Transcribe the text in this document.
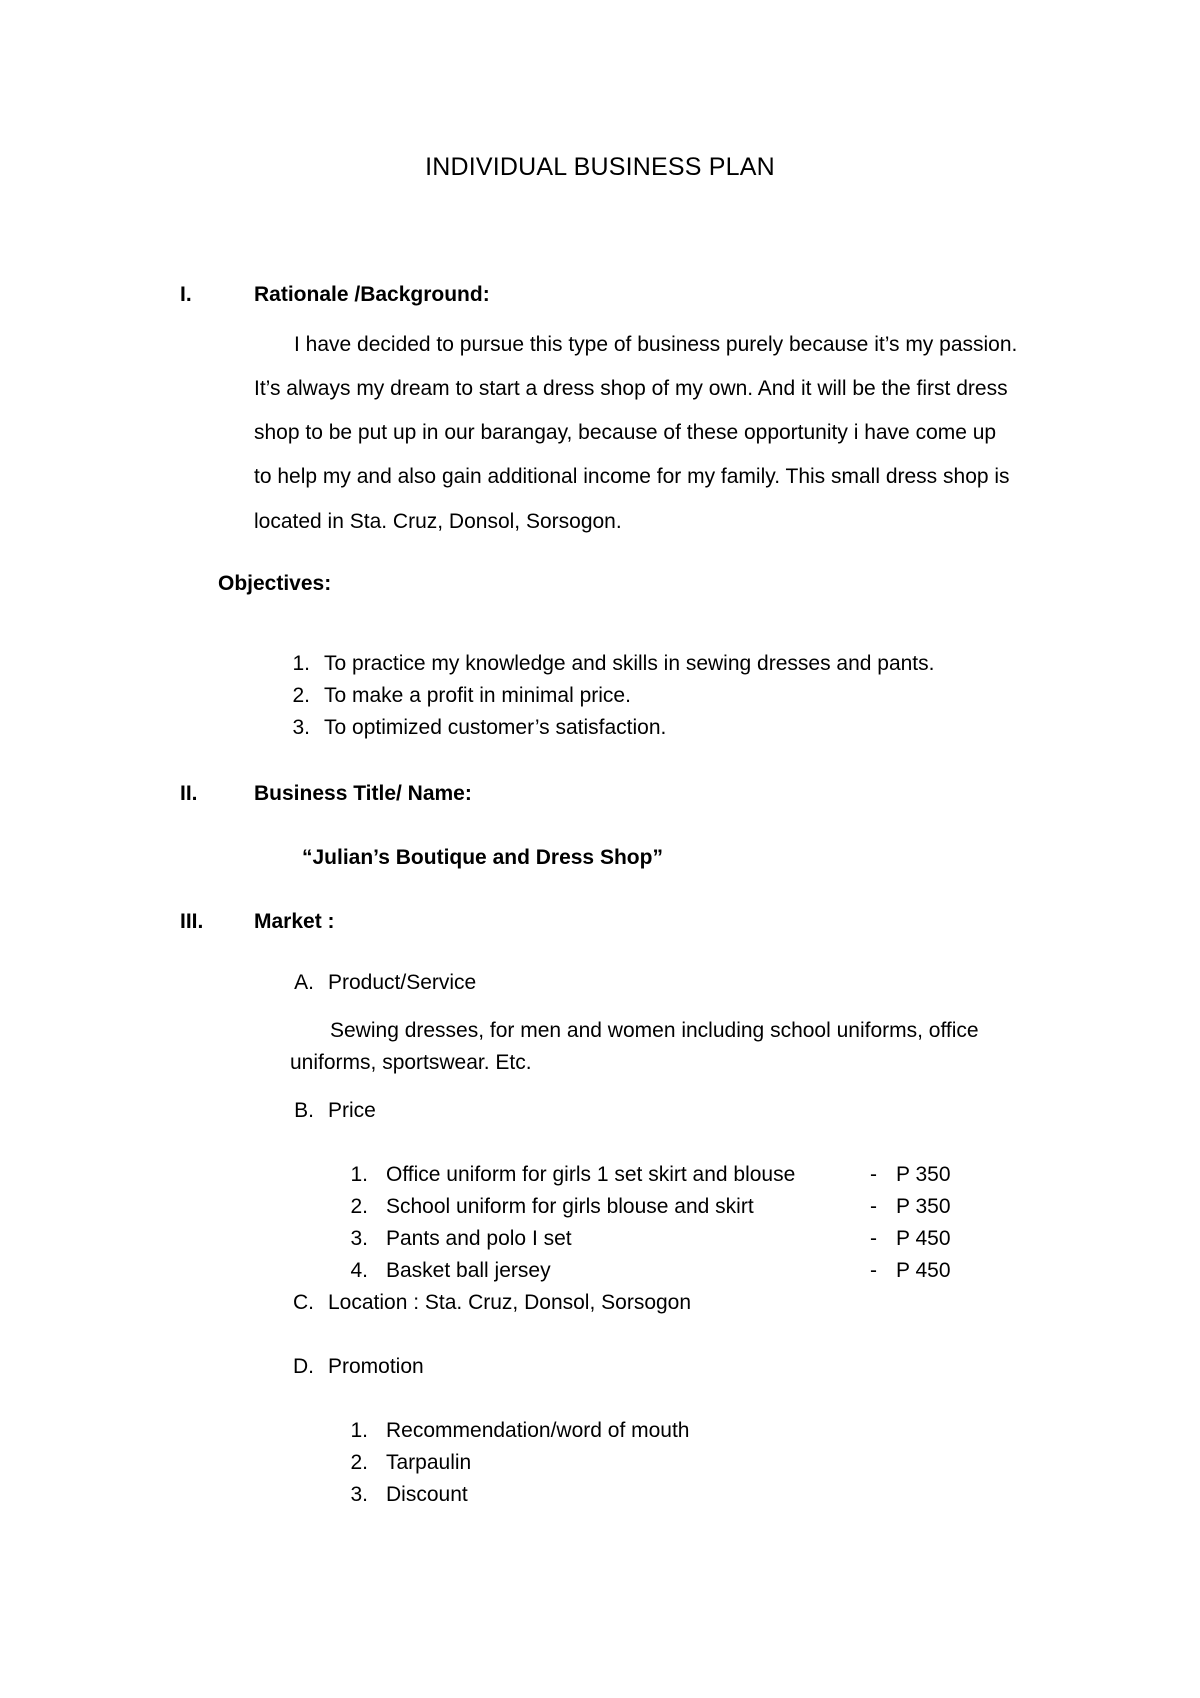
INDIVIDUAL BUSINESS PLAN
I.	Rationale /Background:
I have decided to pursue this type of business purely because it’s my passion.
It’s always my dream to start a dress shop of my own. And it will be the first dress
shop to be put up in our barangay, because of these opportunity i have come up
to help my and also gain additional income for my family. This small dress shop is
located in Sta. Cruz, Donsol, Sorsogon.
Objectives:
1. To practice my knowledge and skills in sewing dresses and pants.
2. To make a profit in minimal price.
3. To optimized customer’s satisfaction.
II.	Business Title/ Name:
“Julian’s Boutique and Dress Shop”
III. Market :
A. Product/Service
Sewing dresses, for men and women including school uniforms, office
uniforms, sportswear. Etc.
B. Price
1. Office uniform for girls 1 set skirt and blouse	- P 350
2. School uniform for girls blouse and skirt	- P 350
3. Pants and polo I set	- P 450
4. Basket ball jersey	- P 450
C. Location : Sta. Cruz, Donsol, Sorsogon
D. Promotion
1. Recommendation/word of mouth
2. Tarpaulin
3. Discount
